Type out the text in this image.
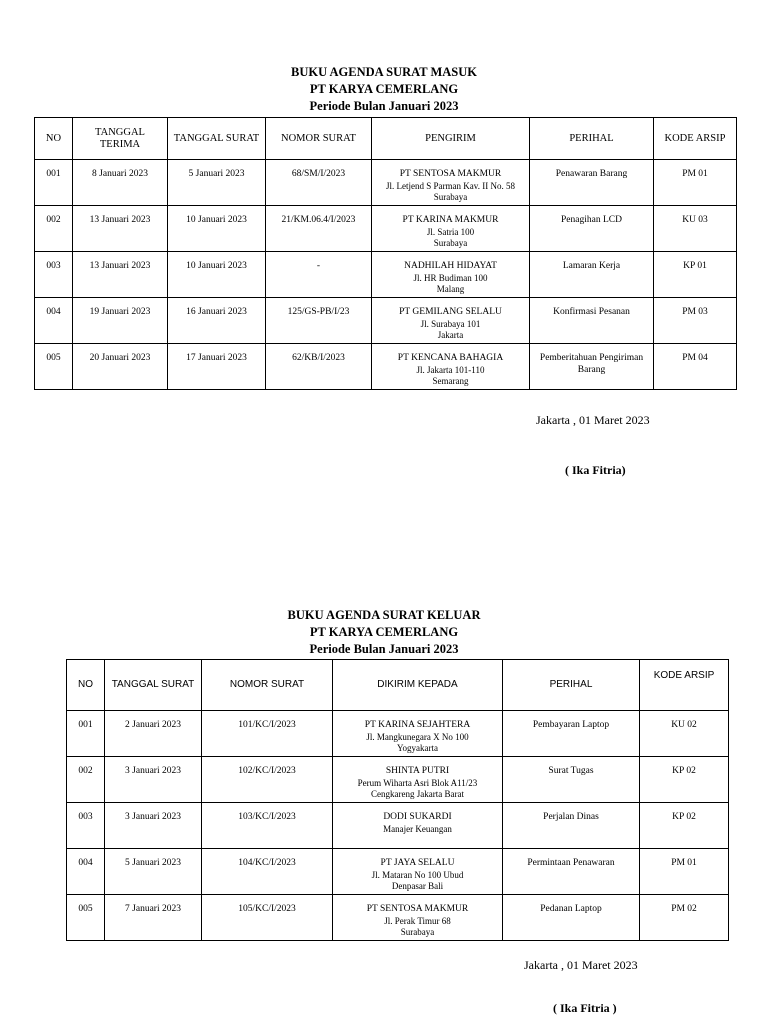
BUKU AGENDA SURAT MASUK
PT KARYA CEMERLANG
Periode Bulan Januari 2023
NO	TANGGAL TERIMA	TANGGAL SURAT	NOMOR SURAT	PENGIRIM	PERIHAL	KODE ARSIP
001	8 Januari 2023	5 Januari 2023	68/SM/I/2023	PT SENTOSA MAKMUR
Jl. Letjend S Parman Kav. II No. 58
Surabaya	Penawaran Barang	PM 01
002	13 Januari 2023	10 Januari 2023	21/KM.06.4/I/2023	PT KARINA MAKMUR
Jl. Satria 100
Surabaya	Penagihan LCD	KU 03
003	13 Januari 2023	10 Januari 2023	-	NADHILAH HIDAYAT
Jl. HR Budiman 100
Malang	Lamaran Kerja	KP 01
004	19 Januari 2023	16 Januari 2023	125/GS-PB/I/23	PT GEMILANG SELALU
Jl. Surabaya 101
Jakarta	Konfirmasi Pesanan	PM 03
005	20 Januari 2023	17 Januari 2023	62/KB/I/2023	PT KENCANA BAHAGIA
Jl. Jakarta 101-110
Semarang	Pemberitahuan Pengiriman Barang	PM 04
Jakarta , 01 Maret 2023
( Ika Fitria)
BUKU AGENDA SURAT KELUAR
PT KARYA CEMERLANG
Periode Bulan Januari 2023
NO	TANGGAL SURAT	NOMOR SURAT	DIKIRIM KEPADA	PERIHAL	KODE ARSIP
001	2 Januari 2023	101/KC/I/2023	PT KARINA SEJAHTERA
Jl. Mangkunegara X No 100
Yogyakarta	Pembayaran Laptop	KU 02
002	3 Januari 2023	102/KC/I/2023	SHINTA PUTRI
Perum Wiharta Asri Blok A11/23
Cengkareng Jakarta Barat	Surat Tugas	KP 02
003	3 Januari 2023	103/KC/I/2023	DODI SUKARDI
Manajer Keuangan	Perjalan Dinas	KP 02
004	5 Januari 2023	104/KC/I/2023	PT JAYA SELALU
Jl. Mataran No 100 Ubud
Denpasar Bali	Permintaan Penawaran	PM 01
005	7 Januari 2023	105/KC/I/2023	PT SENTOSA MAKMUR
Jl. Perak Timur 68
Surabaya	Pedanan Laptop	PM 02
Jakarta , 01 Maret 2023
( Ika Fitria )
